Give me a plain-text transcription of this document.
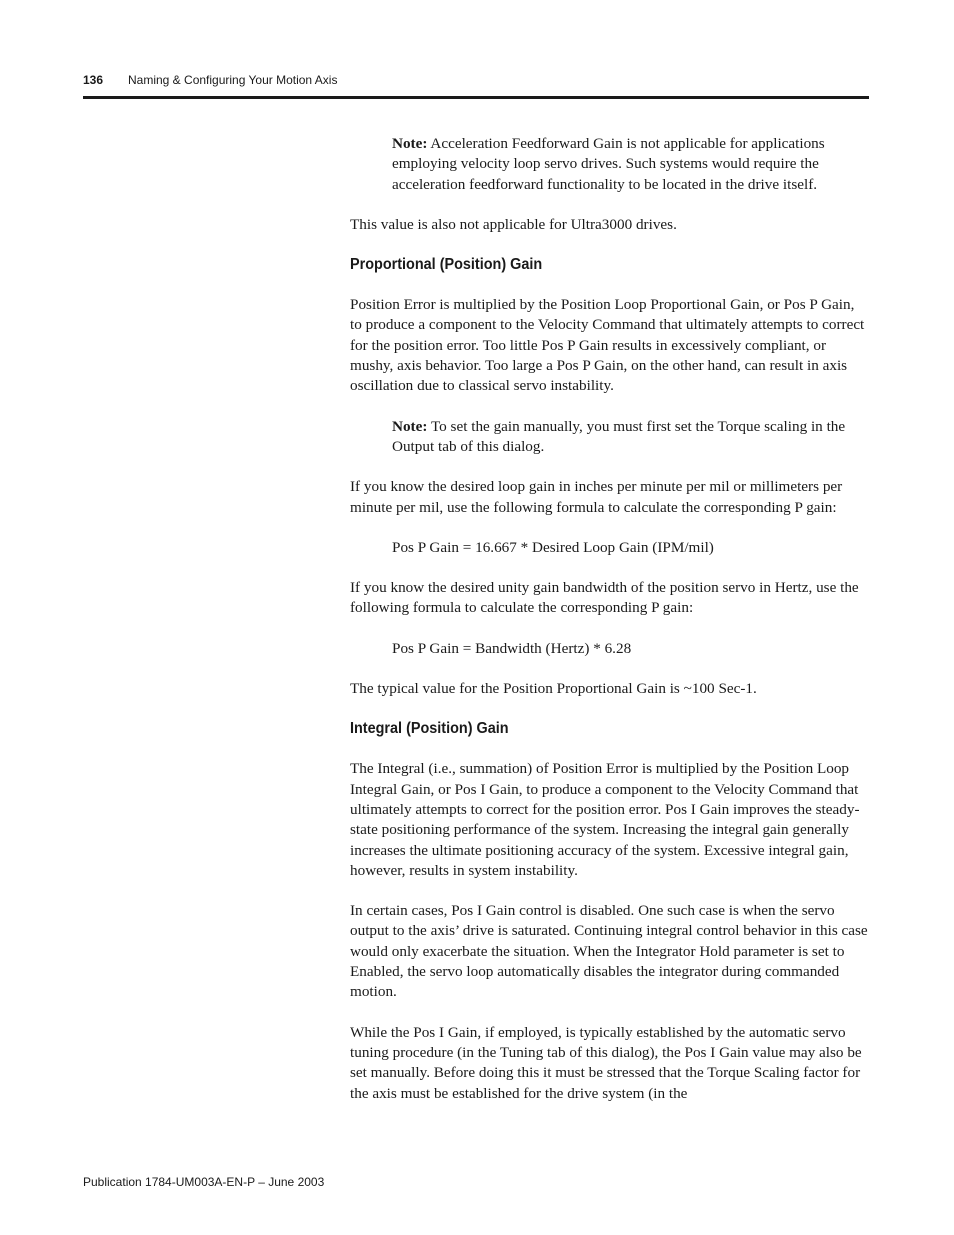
136 Naming & Configuring Your Motion Axis

Note: Acceleration Feedforward Gain is not applicable for applications employing velocity loop servo drives. Such systems would require the acceleration feedforward functionality to be located in the drive itself.

This value is also not applicable for Ultra3000 drives.

Proportional (Position) Gain

Position Error is multiplied by the Position Loop Proportional Gain, or Pos P Gain, to produce a component to the Velocity Command that ultimately attempts to correct for the position error. Too little Pos P Gain results in excessively compliant, or mushy, axis behavior. Too large a Pos P Gain, on the other hand, can result in axis oscillation due to classical servo instability.

Note: To set the gain manually, you must first set the Torque scaling in the Output tab of this dialog.

If you know the desired loop gain in inches per minute per mil or millimeters per minute per mil, use the following formula to calculate the corresponding P gain:

Pos P Gain = 16.667 * Desired Loop Gain (IPM/mil)

If you know the desired unity gain bandwidth of the position servo in Hertz, use the following formula to calculate the corresponding P gain:

Pos P Gain = Bandwidth (Hertz) * 6.28

The typical value for the Position Proportional Gain is ~100 Sec-1.

Integral (Position) Gain

The Integral (i.e., summation) of Position Error is multiplied by the Position Loop Integral Gain, or Pos I Gain, to produce a component to the Velocity Command that ultimately attempts to correct for the position error. Pos I Gain improves the steady-state positioning performance of the system. Increasing the integral gain generally increases the ultimate positioning accuracy of the system. Excessive integral gain, however, results in system instability.

In certain cases, Pos I Gain control is disabled. One such case is when the servo output to the axis’ drive is saturated. Continuing integral control behavior in this case would only exacerbate the situation. When the Integrator Hold parameter is set to Enabled, the servo loop automatically disables the integrator during commanded motion.

While the Pos I Gain, if employed, is typically established by the automatic servo tuning procedure (in the Tuning tab of this dialog), the Pos I Gain value may also be set manually. Before doing this it must be stressed that the Torque Scaling factor for the axis must be established for the drive system (in the

Publication 1784-UM003A-EN-P – June 2003
